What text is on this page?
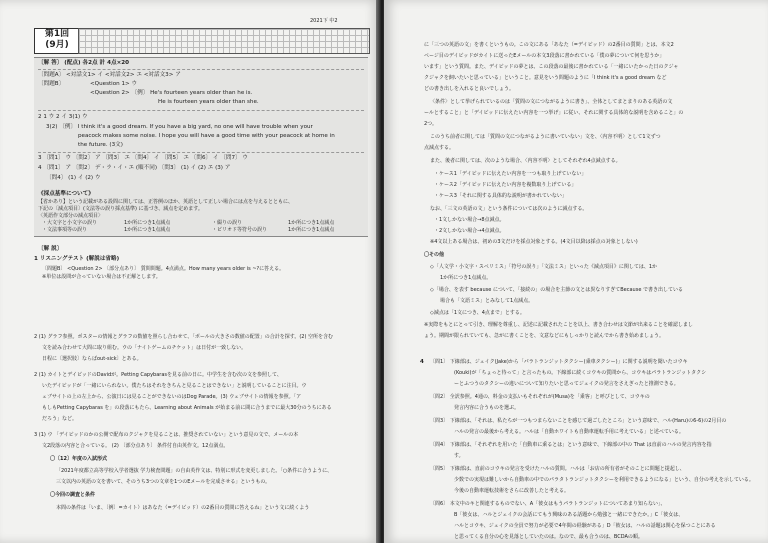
第1回
(9月)
〔解 答〕 (配点) 各2点 計 4点×20
〔問題A〕 <対話文1> イ <対話文2> エ <対話文3> ア
〔問題B〕	<Question 1> ウ
<Question 2> 〔例〕 He's fourteen years older than he is.
He is fourteen years older than she.
2 1 ウ 2 イ 3(1) ウ
3(2) 〔例〕 I think it's a good dream. If you have a big yard, no one will have trouble when your
peacock makes some noise. I hope you will have a good time with your peacock at home in
the future. (3文)
3 〔問1〕 ウ 〔問2〕 ア 〔問3〕 エ 〔問4〕 イ 〔問5〕 エ 〔問6〕 イ 〔問7〕 ウ
4 〔問1〕 ア 〔問2〕 デ・ラ・イ・エ (順不同) 〔問3〕 (1) イ (2) エ (3) ア
〔問4〕 (1) イ (2) ウ
《採点基準について》
【省かあり】という記載がある設問に関しては、正答例のほか、英語として正しい場合には点を与えるとともに、
下記の〔減点項目〕(文法等の誤り採点基準) に基づき、減点を定めます。
〈英語作文部分の減点項目〉
・大文字と小文字の誤り	1か所につき1点減点	・綴りの誤り	1か所につき1点減点
・文法事項等の誤り	1か所につき1点減点	・ピリオド等符号の誤り	1か所につき1点減点
〔解 説〕
1 リスニングテスト (解説は省略)
〔問題B〕 <Question 2> 〔部分点あり〕 質問問題。4点満点。How many years older is ~?に答える。
※単位は設問が合っていない場合は不正解とします。
2 (1) グラフ参照。ポスターの情報とグラフの数値を照らし合わせて、「ボールの大きさの数値の配置」の合計を探す。(2) 空所を含む
文を読み合わせて大問に取り組む。ウの「ナイトゲームのチケット」は日付が一致しない。
日程に〔選択肢〕ならばout-sick〕とある。
2 (1) カイトとデイビッドのDavidが。Petting Capybarasを見る前の日に。中学生を含む次の文を参照して、
いたデイビッドが「一緒にいられない。僕たちはそれをきちんと見ることはできない」と説明していることに注目。ウ
ェブサイトの上の左上から、公演日には見ることができないのはDog Parade。(3) ウェブサイトの情報を参照。「ア
もしもPetting Capybaras を」の段落にもたら、Learning about Animals が始まる前に間に合うまでに最大30分のうちにある
だろう」など。
3 (1) ウ 「デイビッドのかの公開で配布のクジャクを見ることは、推奨されていない」という意見の文で、メールの本
文2段落の内容と合っている。 (2) 〔部分点あり〕 条件付自由英作文。12点満点。
〇〔12〕年度の入試形式
「2021年度都立高等学校入学者選抜 学力検査問題」の自由英作文は、特別に形式を変更しました。「○条件に合うように、
三文以内の英語の文を書いて、そのうち3つの文章を1つのEメールを完成させる」というもの。
〇今回の調査と条件
本問の条件は「いま、〔例〕=カイト）はあなた（=デイビッド）の2番目の質問に答えるね」という文に続くよう
2021下 中2
に「三つの英語の文」を書くというもの。この文にある「あなた（=デイビッド）の2番目の質問」とは、本文2
ページ目のデイビッドがカイトに送ったEメールの本文3段落に書かれている「僕の夢について何を思うか」
います」という質問。また、デイビッドの夢とは、この段落の最後に書かれている「一緒にいたかった日のクジャ
クジャクを飼いたいと思っている」ということ。意見をいう問題のように「I think it's a good dream など
どの書き出しを入れると良いでしょう。
〈条件〉として挙げられているのは「質問の文につながるように書き」、全体としてまとまりのある英語の文
ールとすること」と「デイビッドに伝えたい内容を一つ挙げ」に従い、それに関する具体的な説明を含めること」の
2つ。
このうち前者に関しては「質問の文につながるように書いていない」文を、〈内容不明〉として1文ずつ
点減点する。
また、後者に関しては、次のような場合、〈内容不明〉としてそれぞれ4点減点する。
・ケース1「デイビッドに伝えたい内容を一つも取り上げていない」
・ケース2「デイビッドに伝えたい内容を複数取り上げている」
・ケース3「それに関する具体的な説明が書かれていない」
なお、「三文の英語の文」という条件については次のように減点する。
・1文しかない場合→8点減点。
・2文しかない場合→4点減点。
※4文以上ある場合は、初めの3文だけを採点対象とする。(4文目以降は採点の対象としない)
〇その他
◇「人文学・小文字・スペリミス」「符号の誤り」「文法ミス」といった《減点項目》に関しては、1か
1か所につき1点減点。
◇「場合、を表す because について、「接続の」の場合を主節の文とは異なりすぎてBecause で書き出している
場合も「文語ミス」とみなして1点減点。
◇減点は「1文につき、4点まで」とする。
※実際をもとにとって引き、理解を尊重し、記述に記載されたことを以上、書き合わせは文節が出来ることを確認しまし
ょう。期間が限られていても、急がに書くことを、文意などにもしっかりと読んでから書き始めましょう。
4 〔問1〕 下線部は、ジェイク(Jake)から「パラトランジットタクシー(乗車タクシー)」に関する説明を聞いたコウキ
(Kouki)が「ちょっと待って」と言ったもの。下線部に続くコウキの質問から、コウキはパラトランジットタクシ
ーとふつうのタクシーの違いについて知りたいと思ってジェイクの発言をさえぎったと推測できる。
〔問2〕 全訳参照。4通の、料金の支払いもそれぞれが(Musa)を「乗客」と呼びとして、コウキの
発言内容に合うものを選ぶ。
〔問3〕 下線部は、「それは、私たちが一つもつまらないことを感じて過ごしたところ」という意味で、ハル(Haru)の6-6)の2月目の
ハルの発言の最後から考える。ハルは「自動ホワイトも自動車運転手用に考えている」と述べている。
〔問4〕 下線部は、「それぞれを用いた「自動車に乗るとは」という意味で、下線部の中の That は直前のハルの発言内容を指
す。
〔問5〕 下線部は、直前のコウキの発言を受けたハルの質問。ハルは「お店の所有者がそのことに問題と提起し、
少数での実現は難しいから自動車の中でのパラタトランジットタクシーを利用できるようになる」という、自分の考えを示している。
今後の自動車運転技術をさらに改善したと考える。
〔問6〕 本文中のキと関連するものでない、A「彼女はもうパラトランジットについてあまり知らない」、
B「彼女は、ハルとジェイクの会話にてもう興味のある話題から勉強と一緒にできたか。」C「彼女は、
ハルとコウキ、ジェイクの全員で努力が必要で4年間の経験がある」D「彼女は、ハルの話題は関心を保つことにある
と思ってくる自分の心を見落としていたのは。なので、最も合うのは、BCDAの順。
